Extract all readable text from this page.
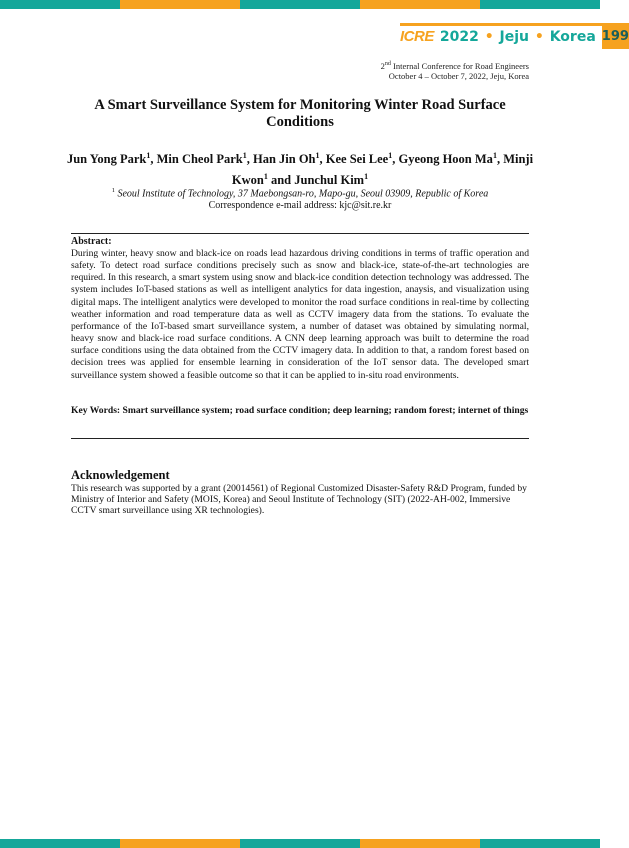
ICRE 2022 • Jeju • Korea 199
2nd Internal Conference for Road Engineers
October 4 – October 7, 2022, Jeju, Korea
A Smart Surveillance System for Monitoring Winter Road Surface Conditions
Jun Yong Park$^1$, Min Cheol Park$^1$, Han Jin Oh$^1$, Kee Sei Lee$^1$, Gyeong Hoon Ma$^1$, Minji Kwon$^1$ and Junchul Kim$^1$
$^1$ Seoul Institute of Technology, 37 Maebongsan-ro, Mapo-gu, Seoul 03909, Republic of Korea
Correspondence e-mail address: kjc@sit.re.kr
Abstract:
During winter, heavy snow and black-ice on roads lead hazardous driving conditions in terms of traffic operation and safety. To detect road surface conditions precisely such as snow and black-ice, state-of-the-art technologies are required. In this research, a smart system using snow and black-ice condition detection technology was addressed. The system includes IoT-based stations as well as intelligent analytics for data ingestion, anaysis, and visualization using digital maps. The intelligent analytics were developed to monitor the road surface conditions in real-time by collecting weather information and road temperature data as well as CCTV imagery data from the stations. To evaluate the performance of the IoT-based smart surveillance system, a number of dataset was obtained by simulating normal, heavy snow and black-ice road surface conditions. A CNN deep learning approach was built to determine the road surface conditions using the data obtained from the CCTV imagery data. In addition to that, a random forest based on decision trees was applied for ensemble learning in consideration of the IoT sensor data. The developed smart surveillance system showed a feasible outcome so that it can be applied to in-situ road environments.
Key Words: Smart surveillance system; road surface condition; deep learning; random forest; internet of things
Acknowledgement
This research was supported by a grant (20014561) of Regional Customized Disaster-Safety R&D Program, funded by Ministry of Interior and Safety (MOIS, Korea) and Seoul Institute of Technology (SIT) (2022-AH-002, Immersive CCTV smart surveillance using XR technologies).
